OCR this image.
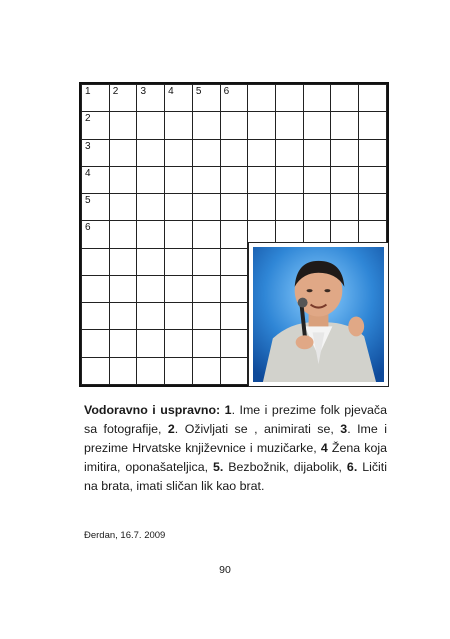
1	2	3	4	5	6					

2										

3										

4										

5										

6										

Vodoravno i uspravno: 1. Ime i prezime folk pjevača sa fotografije, 2. Oživljati se , animirati se, 3. Ime i prezime Hrvatske književnice i muzičarke, 4 Žena koja imitira, oponašateljica, 5. Bezbožnik, dijabolik, 6. Ličiti na brata, imati sličan lik kao brat.
Đerdan, 16.7. 2009
90
